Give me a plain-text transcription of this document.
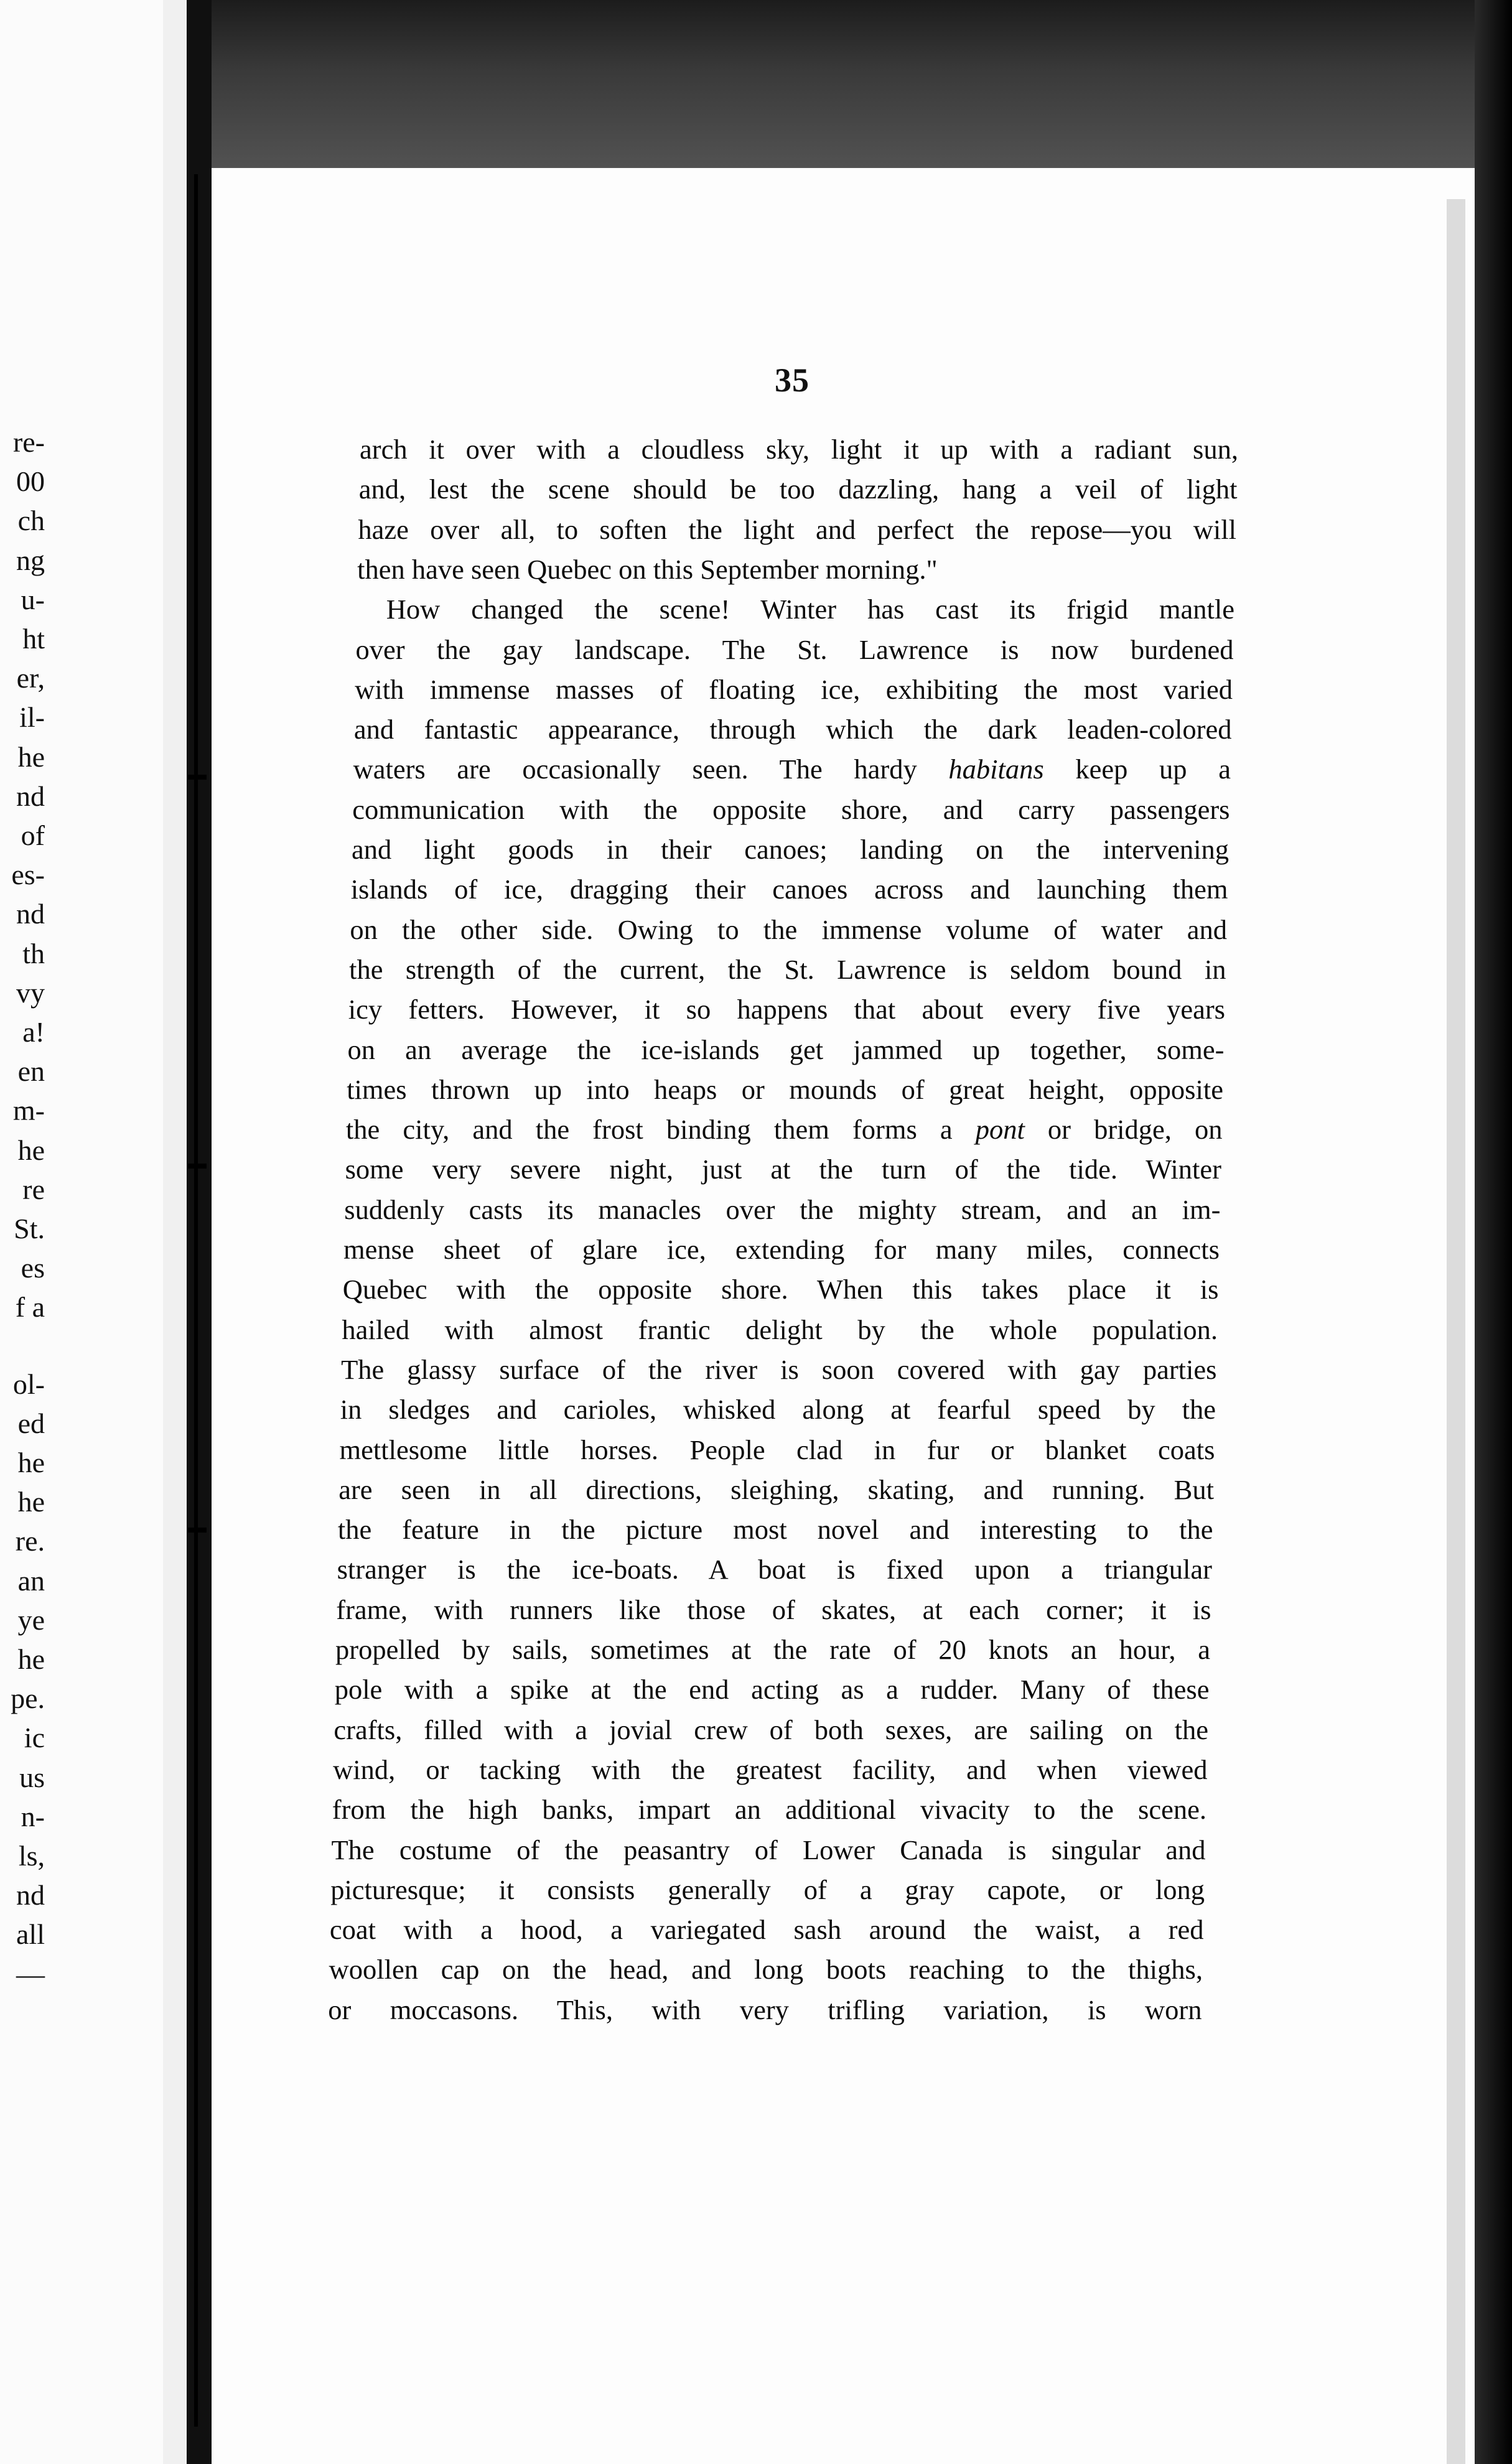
re-
00
ch
ng
u-
ht
er,
il-
he
nd
of
es-
nd
th
vy
a!
en
m-
he
re
St.
es
f a
ol-
ed
he
he
re.
an
ye
he
ре.
ic
us
n-
ls,
nd
all
—

35

arch it over with a cloudless sky, light it up with a radiant sun,
and, lest the scene should be too dazzling, hang a veil of light
haze over all, to soften the light and perfect the repose—you will
then have seen Quebec on this September morning."
How changed the scene! Winter has cast its frigid mantle
over the gay landscape. The St. Lawrence is now burdened
with immense masses of floating ice, exhibiting the most varied
and fantastic appearance, through which the dark leaden-colored
waters are occasionally seen. The hardy habitans keep up a
communication with the opposite shore, and carry passengers
and light goods in their canoes; landing on the intervening
islands of ice, dragging their canoes across and launching them
on the other side. Owing to the immense volume of water and
the strength of the current, the St. Lawrence is seldom bound in
icy fetters. However, it so happens that about every five years
on an average the ice-islands get jammed up together, some-
times thrown up into heaps or mounds of great height, opposite
the city, and the frost binding them forms a pont or bridge, on
some very severe night, just at the turn of the tide. Winter
suddenly casts its manacles over the mighty stream, and an im-
mense sheet of glare ice, extending for many miles, connects
Quebec with the opposite shore. When this takes place it is
hailed with almost frantic delight by the whole population.
The glassy surface of the river is soon covered with gay parties
in sledges and carioles, whisked along at fearful speed by the
mettlesome little horses. People clad in fur or blanket coats
are seen in all directions, sleighing, skating, and running. But
the feature in the picture most novel and interesting to the
stranger is the ice-boats. A boat is fixed upon a triangular
frame, with runners like those of skates, at each corner; it is
propelled by sails, sometimes at the rate of 20 knots an hour, a
pole with a spike at the end acting as a rudder. Many of these
crafts, filled with a jovial crew of both sexes, are sailing on the
wind, or tacking with the greatest facility, and when viewed
from the high banks, impart an additional vivacity to the scene.
The costume of the peasantry of Lower Canada is singular and
picturesque; it consists generally of a gray capote, or long
coat with a hood, a variegated sash around the waist, a red
woollen cap on the head, and long boots reaching to the thighs,
or moccasons. This, with very trifling variation, is worn
